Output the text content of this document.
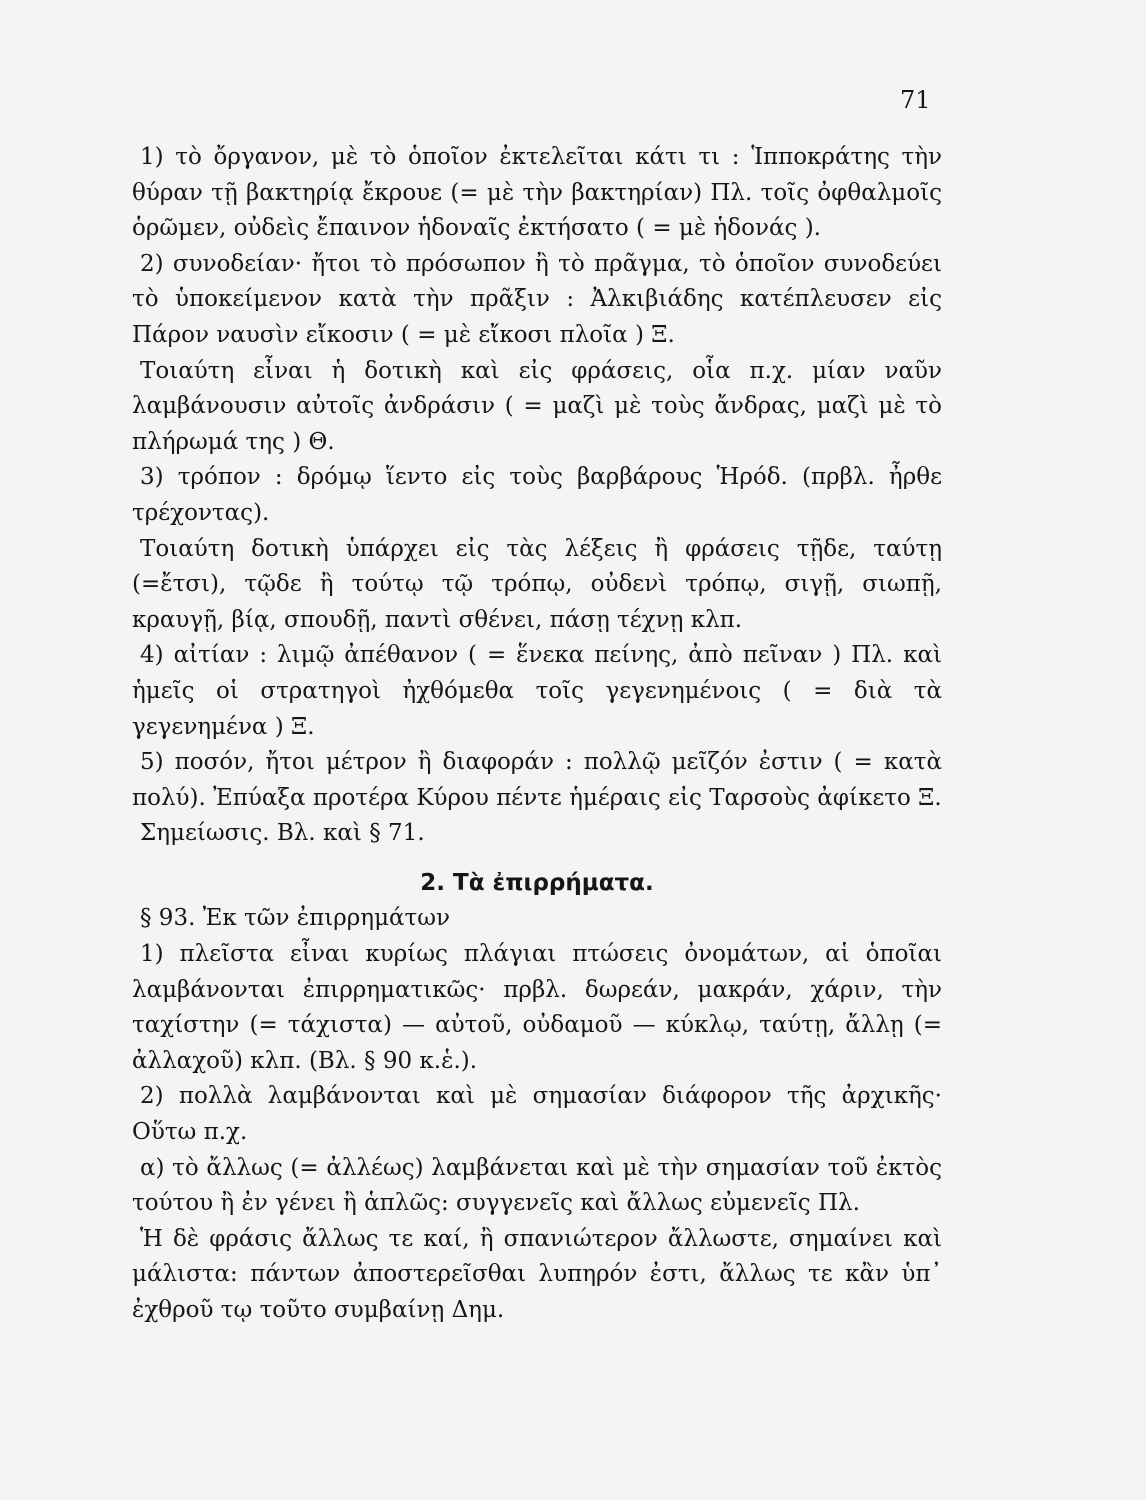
71

1) τὸ ὄργανον, μὲ τὸ ὁποῖον ἐκτελεῖται κάτι τι : Ἱπποκράτης τὴν θύραν τῇ βακτηρίᾳ ἔκρουε (= μὲ τὴν βακτηρίαν) Πλ. τοῖς ὀφθαλμοῖς ὁρῶμεν, οὐδεὶς ἔπαινον ἡδοναῖς ἐκτήσατο ( = μὲ ἡδονάς ).

2) συνοδείαν· ἤτοι τὸ πρόσωπον ἢ τὸ πρᾶγμα, τὸ ὁποῖον συνοδεύει τὸ ὑποκείμενον κατὰ τὴν πρᾶξιν : Ἀλκιβιάδης κατέπλευσεν εἰς Πάρον ναυσὶν εἴκοσιν ( = μὲ εἴκοσι πλοῖα ) Ξ.

Τοιαύτη εἶναι ἡ δοτικὴ καὶ εἰς φράσεις, οἷα π.χ. μίαν ναῦν λαμβάνουσιν αὐτοῖς ἀνδράσιν ( = μαζὶ μὲ τοὺς ἄνδρας, μαζὶ μὲ τὸ πλήρωμά της ) Θ.

3) τρόπον : δρόμῳ ἵεντο εἰς τοὺς βαρβάρους Ἡρόδ. (πρβλ. ἦρθε τρέχοντας).

Τοιαύτη δοτικὴ ὑπάρχει εἰς τὰς λέξεις ἢ φράσεις τῇδε, ταύτῃ (=ἔτσι), τῷδε ἢ τούτῳ τῷ τρόπῳ, οὐδενὶ τρόπῳ, σιγῇ, σιωπῇ, κραυγῇ, βίᾳ, σπουδῇ, παντὶ σθένει, πάσῃ τέχνῃ κλπ.

4) αἰτίαν : λιμῷ ἀπέθανον ( = ἕνεκα πείνης, ἀπὸ πεῖναν ) Πλ. καὶ ἡμεῖς οἱ στρατηγοὶ ἠχθόμεθα τοῖς γεγενημένοις ( = διὰ τὰ γεγενημένα ) Ξ.

5) ποσόν, ἤτοι μέτρον ἢ διαφοράν : πολλῷ μεῖζόν ἐστιν ( = κατὰ πολύ). Ἐπύαξα προτέρα Κύρου πέντε ἡμέραις εἰς Ταρσοὺς ἀφίκετο Ξ.

Σημείωσις. Βλ. καὶ § 71.

2. Τὰ ἐπιρρήματα.

§ 93. Ἐκ τῶν ἐπιρρημάτων

1) πλεῖστα εἶναι κυρίως πλάγιαι πτώσεις ὀνομάτων, αἱ ὁποῖαι λαμβάνονται ἐπιρρηματικῶς· πρβλ. δωρεάν, μακράν, χάριν, τὴν ταχίστην (= τάχιστα) — αὐτοῦ, οὐδαμοῦ — κύκλῳ, ταύτῃ, ἄλλῃ (= ἀλλαχοῦ) κλπ. (Βλ. § 90 κ.ἑ.).

2) πολλὰ λαμβάνονται καὶ μὲ σημασίαν διάφορον τῆς ἀρχικῆς· Οὕτω π.χ.

α) τὸ ἄλλως (= ἀλλέως) λαμβάνεται καὶ μὲ τὴν σημασίαν τοῦ ἐκτὸς τούτου ἢ ἐν γένει ἢ ἁπλῶς: συγγενεῖς καὶ ἄλλως εὐμενεῖς Πλ.

Ἡ δὲ φράσις ἄλλως τε καί, ἢ σπανιώτερον ἄλλωστε, σημαίνει καὶ μάλιστα: πάντων ἀποστερεῖσθαι λυπηρόν ἐστι, ἄλλως τε κἂν ὑπ᾽ ἐχθροῦ τῳ τοῦτο συμβαίνῃ Δημ.
